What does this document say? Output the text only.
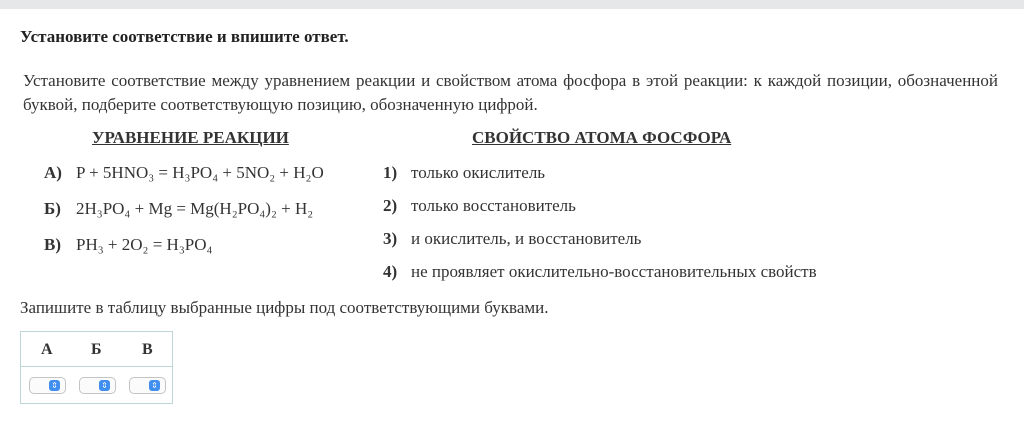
Установите соответствие и впишите ответ.
Установите соответствие между уравнением реакции и свойством атома фосфора в этой реакции: к каждой позиции, обозначенной буквой, подберите соответствующую позицию, обозначенную цифрой.
УРАВНЕНИЕ РЕАКЦИИ	СВОЙСТВО АТОМА ФОСФОРА
А) P + 5HNO₃ = H₃PO₄ + 5NO₂ + H₂O
Б) 2H₃PO₄ + Mg = Mg(H₂PO₄)₂ + H₂
В) PH₃ + 2O₂ = H₃PO₄
1) только окислитель
2) только восстановитель
3) и окислитель, и восстановитель
4) не проявляет окислительно-восстановительных свойств
Запишите в таблицу выбранные цифры под соответствующими буквами.
А Б	В
⇕	⇕	⇕
